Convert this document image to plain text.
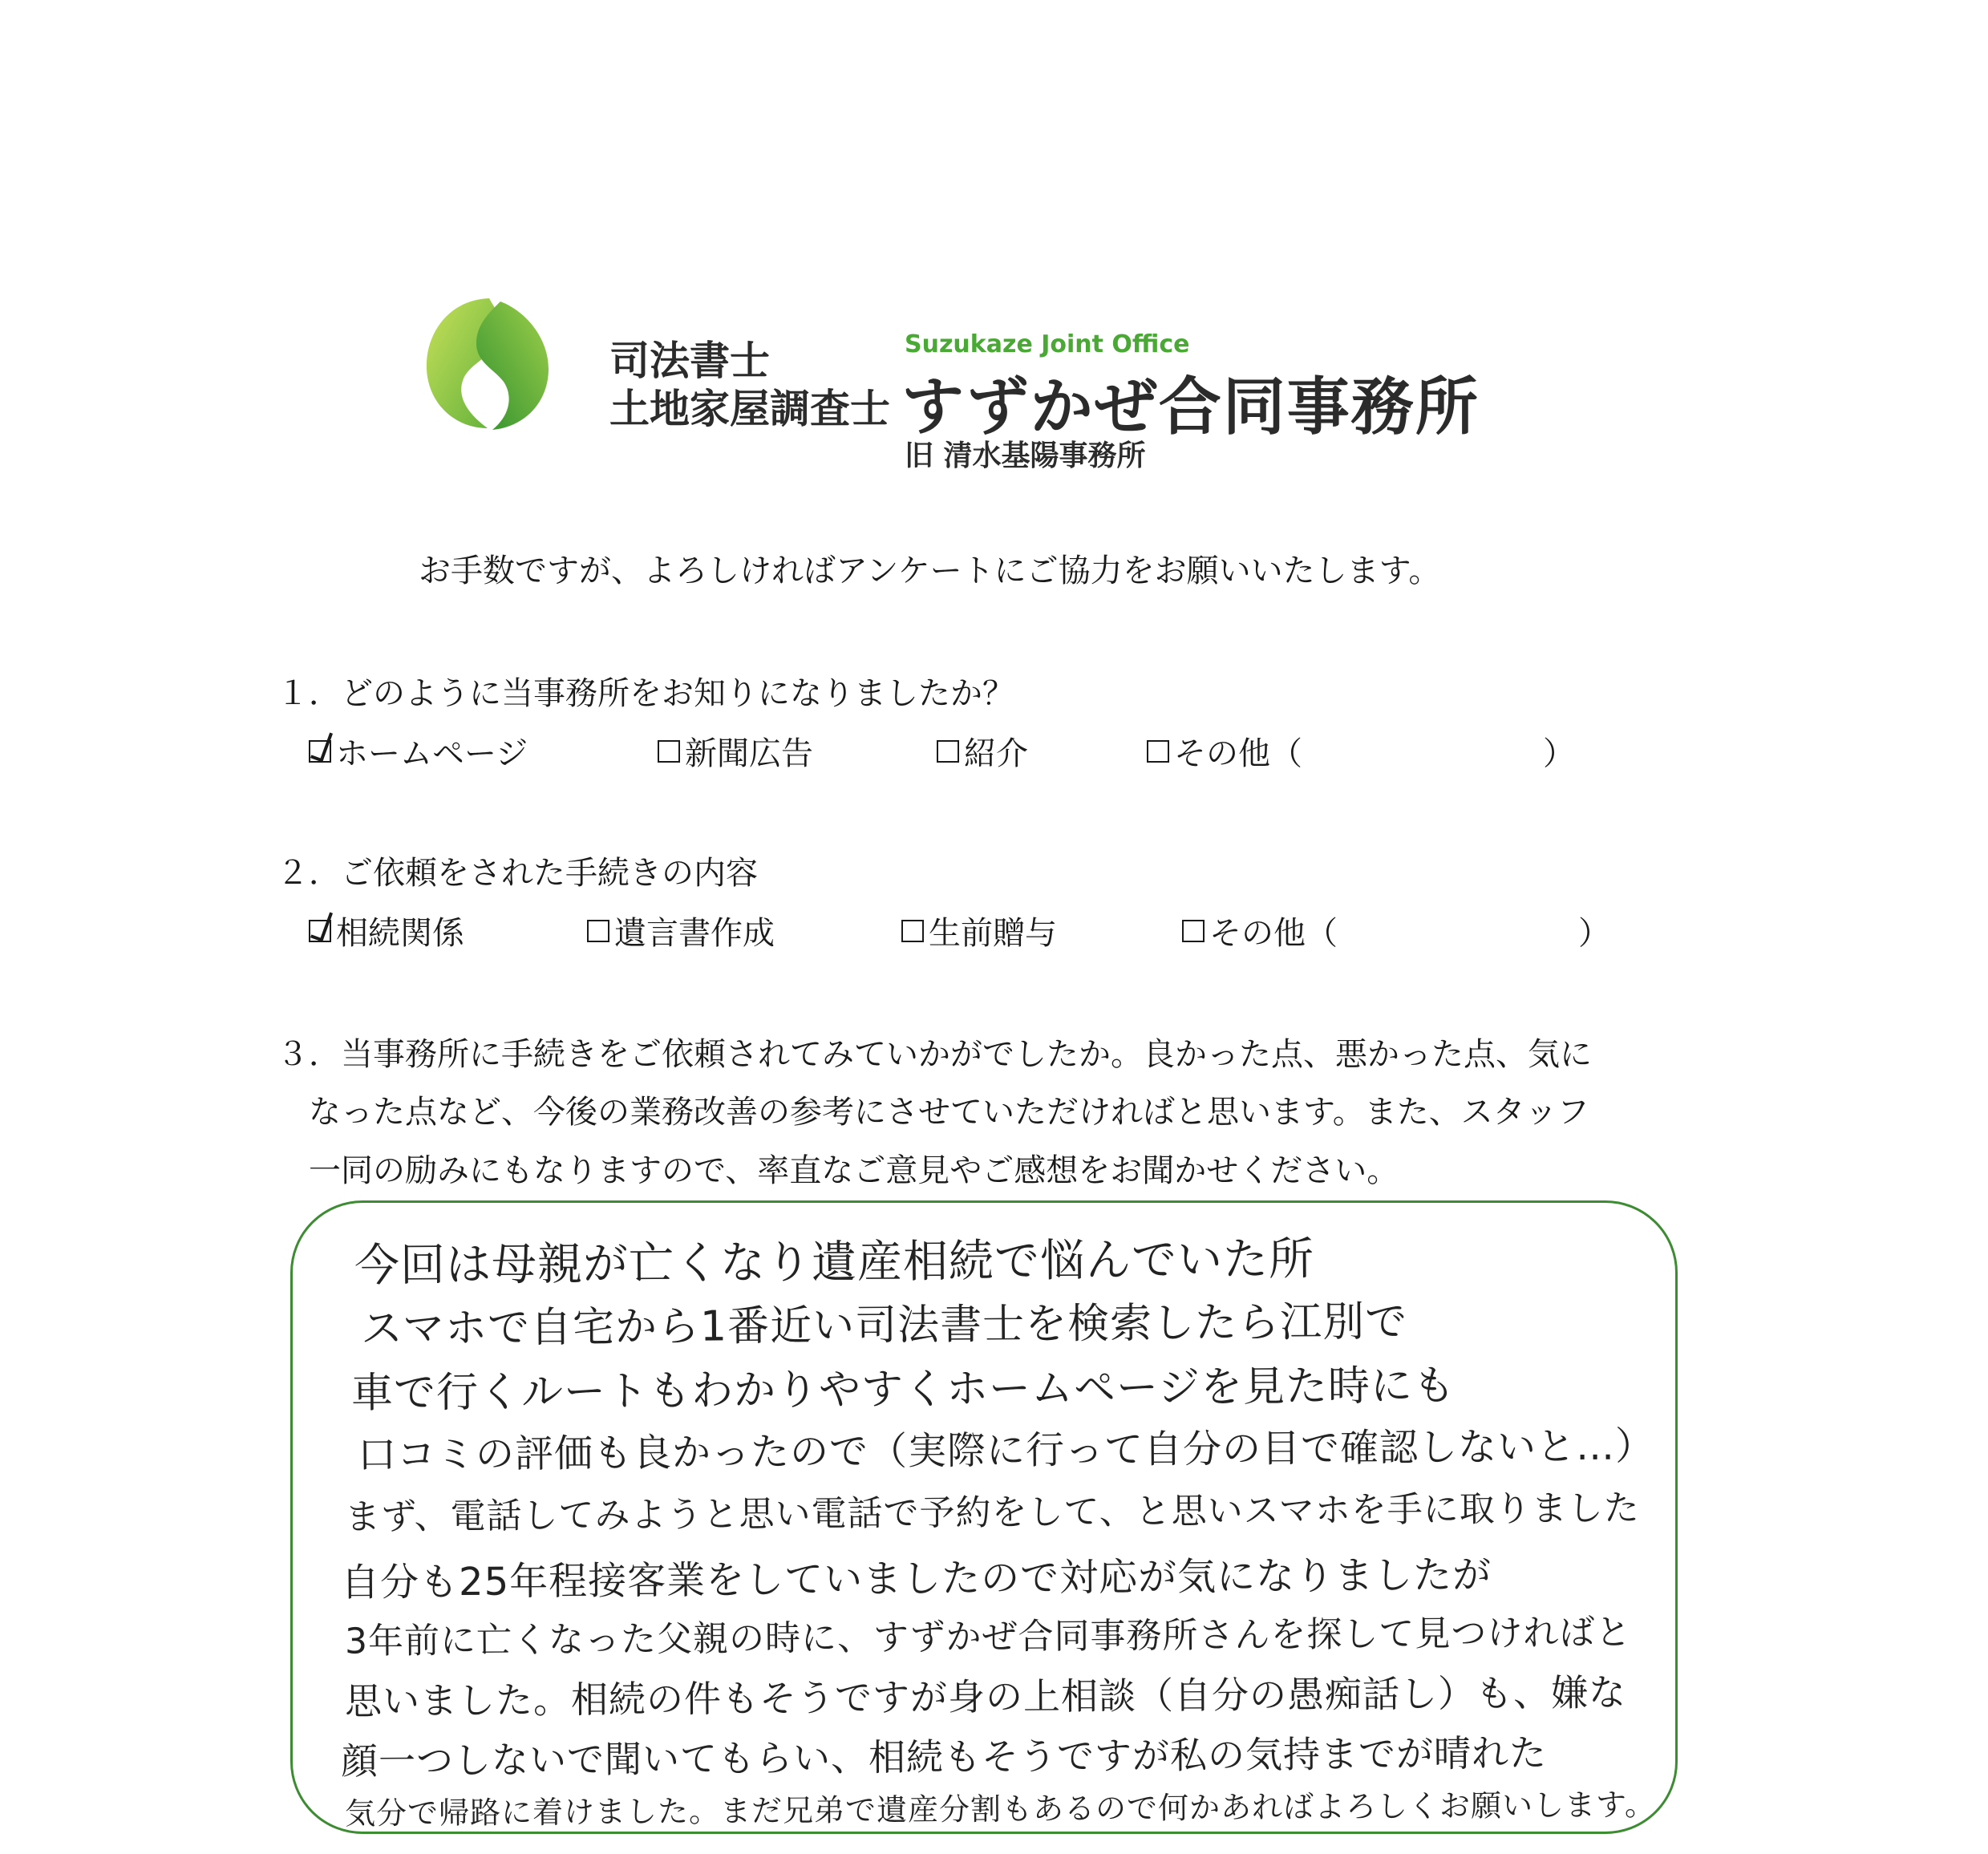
司法書士
土地家屋調査士
Suzukaze Joint Office
すずかぜ合同事務所
旧 清水基陽事務所
お手数ですが、よろしければアンケートにご協力をお願いいたします。
１．どのように当事務所をお知りになりましたか？
ホームページ	新聞広告	紹介	その他（	）
２．ご依頼をされた手続きの内容
相続関係	遺言書作成	生前贈与	その他（	）
３．当事務所に手続きをご依頼されてみていかがでしたか。良かった点、悪かった点、気に
なった点など、今後の業務改善の参考にさせていただければと思います。また、スタッフ
一同の励みにもなりますので、率直なご意見やご感想をお聞かせください。
今回は母親が亡くなり遺産相続で悩んでいた所
スマホで自宅から1番近い司法書士を検索したら江別で
車で行くルートもわかりやすくホームページを見た時にも
口コミの評価も良かったので（実際に行って自分の目で確認しないと…）
まず、電話してみようと思い電話で予約をして、と思いスマホを手に取りました
自分も25年程接客業をしていましたので対応が気になりましたが
3年前に亡くなった父親の時に、すずかぜ合同事務所さんを探して見つければと
思いました。相続の件もそうですが身の上相談（自分の愚痴話し）も、嫌な
顔一つしないで聞いてもらい、相続もそうですが私の気持までが晴れた
気分で帰路に着けました。まだ兄弟で遺産分割もあるので何かあればよろしくお願いします。
